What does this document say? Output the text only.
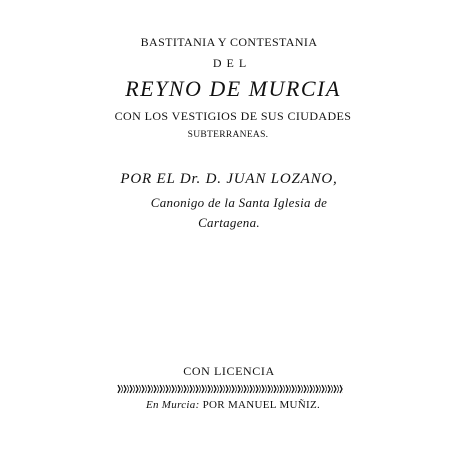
BASTITANIA Y CONTESTANIA
DEL
REYNO DE MURCIA
CON LOS VESTIGIOS DE SUS CIUDADES
SUBTERRANEAS.
POR EL Dr. D. JUAN LOZANO,
Canonigo de la Santa Iglesia de
Cartagena.
CON LICENCIA
En Murcia: POR MANUEL MUÑIZ.
